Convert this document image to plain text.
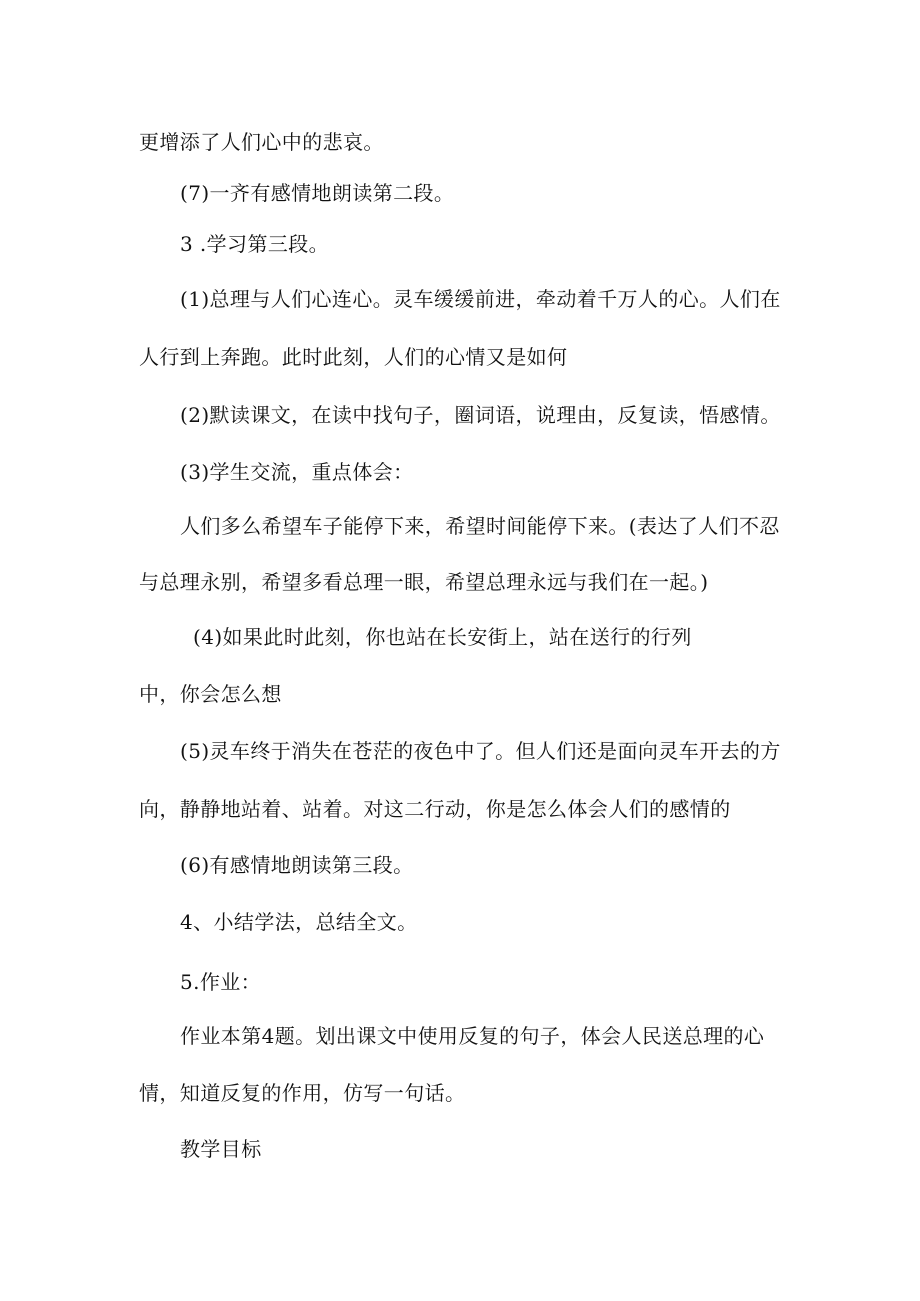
更增添了人们心中的悲哀。
(7)一齐有感情地朗读第二段。
3 .学习第三段。
(1)总理与人们心连心。灵车缓缓前进，牵动着千万人的心。人们在
人行到上奔跑。此时此刻，人们的心情又是如何
(2)默读课文，在读中找句子，圈词语，说理由，反复读，悟感情。
(3)学生交流，重点体会：
人们多么希望车子能停下来，希望时间能停下来。(表达了人们不忍
与总理永别，希望多看总理一眼，希望总理永远与我们在一起。)
(4)如果此时此刻，你也站在长安街上，站在送行的行列
中，你会怎么想
(5)灵车终于消失在苍茫的夜色中了。但人们还是面向灵车开去的方
向，静静地站着、站着。对这二行动，你是怎么体会人们的感情的
(6)有感情地朗读第三段。
4、小结学法，总结全文。
5.作业：
作业本第4题。划出课文中使用反复的句子，体会人民送总理的心
情，知道反复的作用，仿写一句话。
教学目标
